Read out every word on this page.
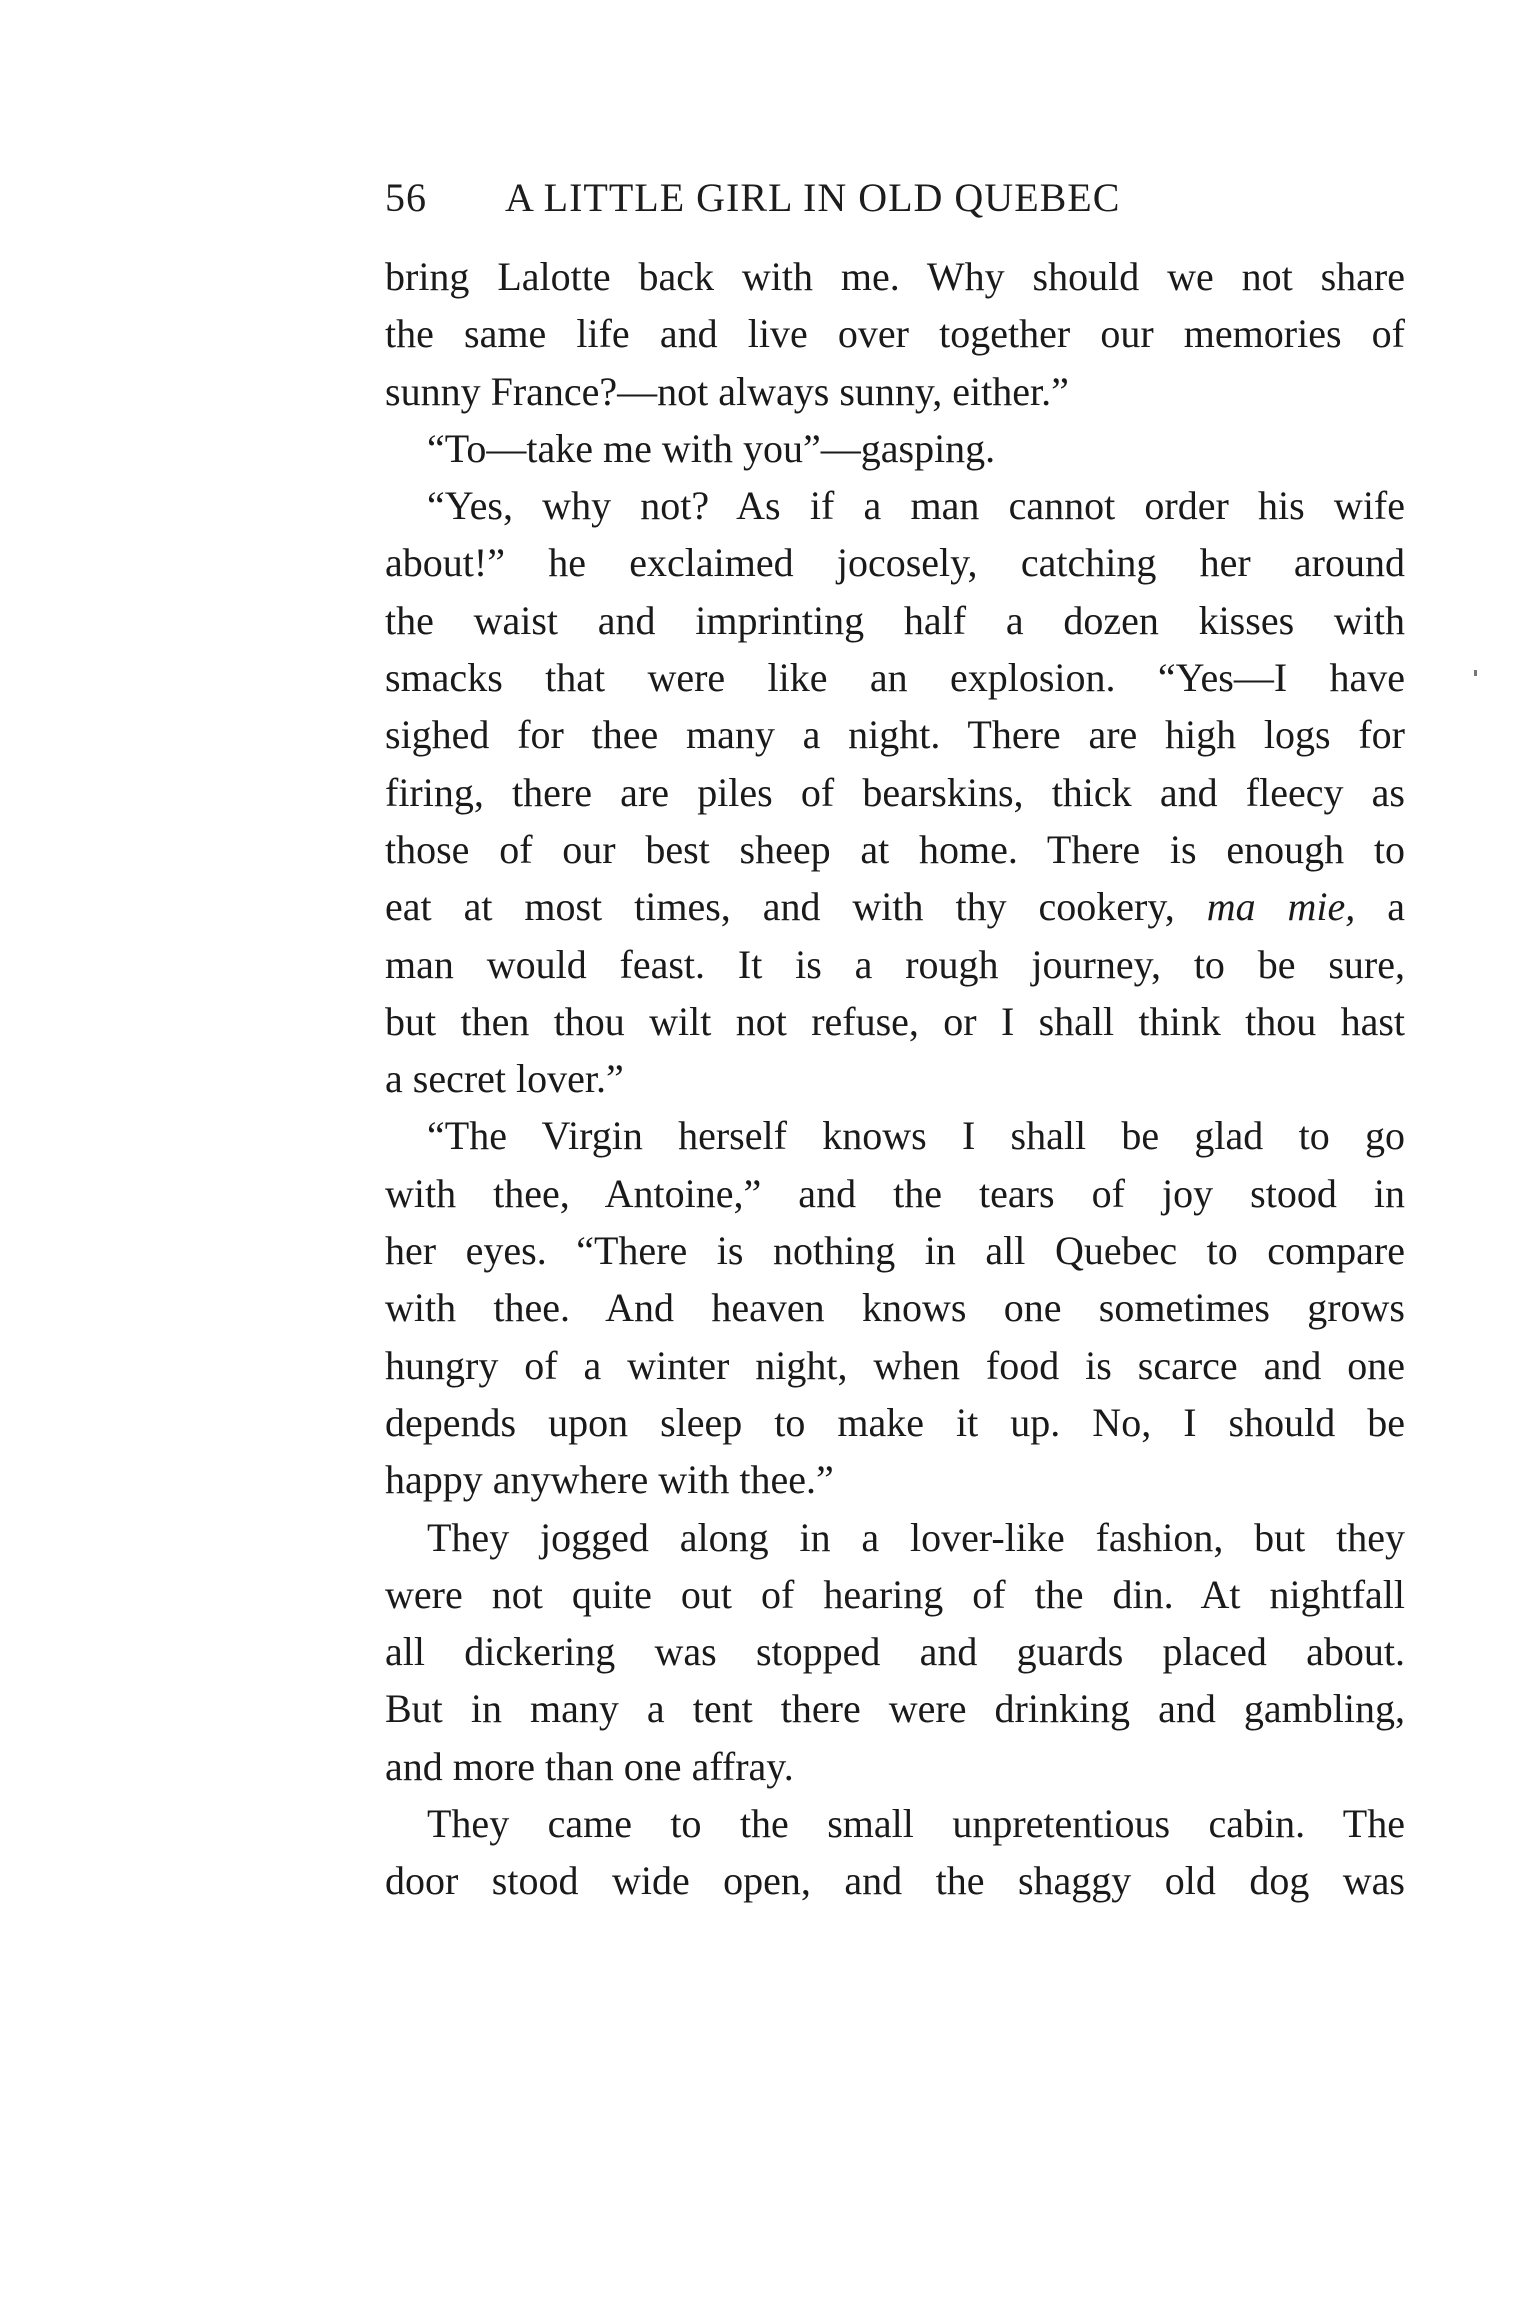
56 A LITTLE GIRL IN OLD QUEBEC
bring Lalotte back with me. Why should we not share
the same life and live over together our memories of
sunny France?—not always sunny, either.”
“To—take me with you”—gasping.
“Yes, why not? As if a man cannot order his wife
about!” he exclaimed jocosely, catching her around
the waist and imprinting half a dozen kisses with
smacks that were like an explosion. “Yes—I have
sighed for thee many a night. There are high logs for
firing, there are piles of bearskins, thick and fleecy as
those of our best sheep at home. There is enough to
eat at most times, and with thy cookery, ma mie, a
man would feast. It is a rough journey, to be sure,
but then thou wilt not refuse, or I shall think thou hast
a secret lover.”
“The Virgin herself knows I shall be glad to go
with thee, Antoine,” and the tears of joy stood in
her eyes. “There is nothing in all Quebec to compare
with thee. And heaven knows one sometimes grows
hungry of a winter night, when food is scarce and one
depends upon sleep to make it up. No, I should be
happy anywhere with thee.”
They jogged along in a lover-like fashion, but they
were not quite out of hearing of the din. At nightfall
all dickering was stopped and guards placed about.
But in many a tent there were drinking and gambling,
and more than one affray.
They came to the small unpretentious cabin. The
door stood wide open, and the shaggy old dog was
